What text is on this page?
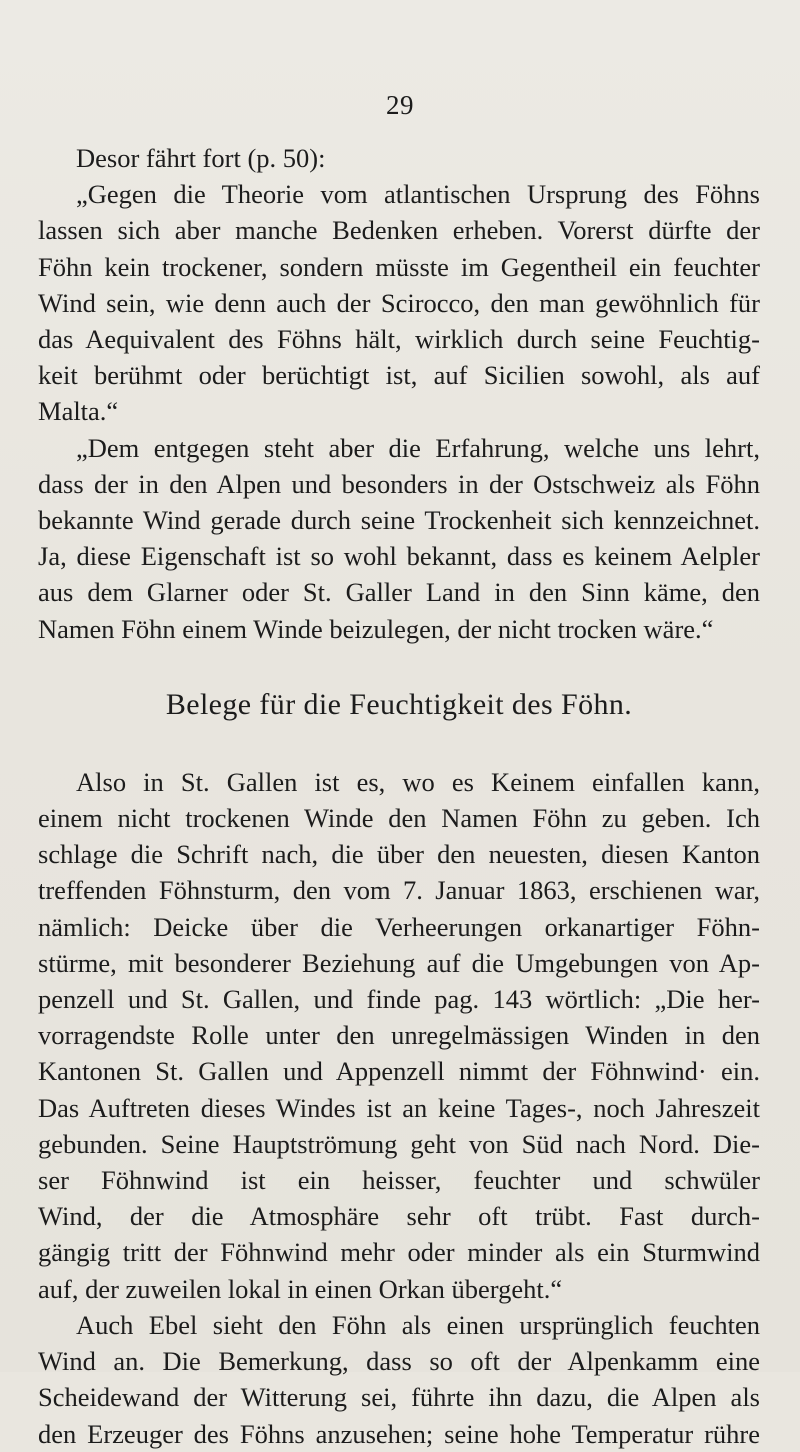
29
Desor fährt fort (p. 50):
„Gegen die Theorie vom atlantischen Ursprung des Föhns
lassen sich aber manche Bedenken erheben. Vorerst dürfte der
Föhn kein trockener, sondern müsste im Gegentheil ein feuchter
Wind sein, wie denn auch der Scirocco, den man gewöhnlich für
das Aequivalent des Föhns hält, wirklich durch seine Feuchtig-
keit berühmt oder berüchtigt ist, auf Sicilien sowohl, als auf
Malta.“
„Dem entgegen steht aber die Erfahrung, welche uns lehrt,
dass der in den Alpen und besonders in der Ostschweiz als Föhn
bekannte Wind gerade durch seine Trockenheit sich kennzeichnet.
Ja, diese Eigenschaft ist so wohl bekannt, dass es keinem Aelpler
aus dem Glarner oder St. Galler Land in den Sinn käme, den
Namen Föhn einem Winde beizulegen, der nicht trocken wäre.“
Belege für die Feuchtigkeit des Föhn.
Also in St. Gallen ist es, wo es Keinem einfallen kann,
einem nicht trockenen Winde den Namen Föhn zu geben. Ich
schlage die Schrift nach, die über den neuesten, diesen Kanton
treffenden Föhnsturm, den vom 7. Januar 1863, erschienen war,
nämlich: Deicke über die Verheerungen orkanartiger Föhn-
stürme, mit besonderer Beziehung auf die Umgebungen von Ap-
penzell und St. Gallen, und finde pag. 143 wörtlich: „Die her-
vorragendste Rolle unter den unregelmässigen Winden in den
Kantonen St. Gallen und Appenzell nimmt der Föhnwind· ein.
Das Auftreten dieses Windes ist an keine Tages-, noch Jahreszeit
gebunden. Seine Hauptströmung geht von Süd nach Nord. Die-
ser Föhnwind ist ein heisser, feuchter und schwüler
Wind, der die Atmosphäre sehr oft trübt. Fast durch-
gängig tritt der Föhnwind mehr oder minder als ein Sturmwind
auf, der zuweilen lokal in einen Orkan übergeht.“
Auch Ebel sieht den Föhn als einen ursprünglich feuchten
Wind an. Die Bemerkung, dass so oft der Alpenkamm eine
Scheidewand der Witterung sei, führte ihn dazu, die Alpen als
den Erzeuger des Föhns anzusehen; seine hohe Temperatur rühre
